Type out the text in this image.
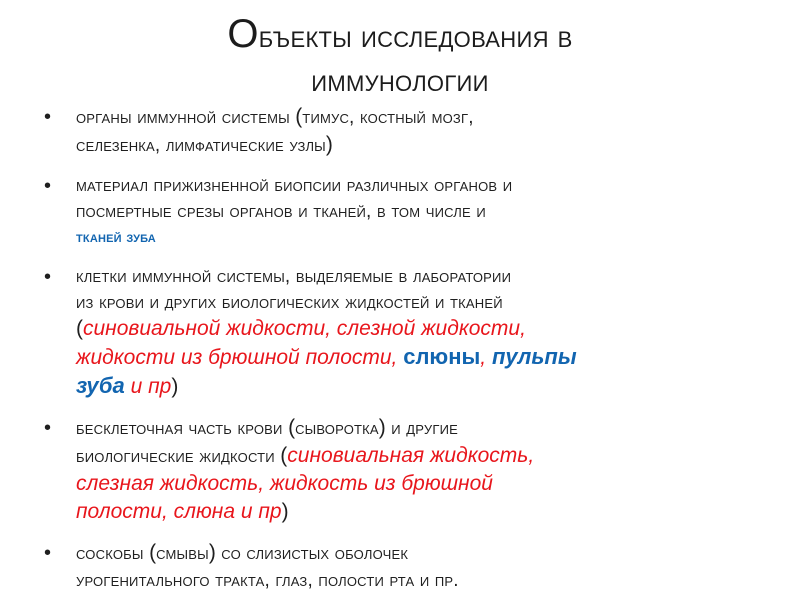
Объекты исследования в
иммунологии
• органы иммунной системы (тимус, костный мозг,
селезенка, лимфатические узлы)
• материал прижизненной биопсии различных органов и
посмертные срезы органов и тканей, в том числе и
тканей зуба
• клетки иммунной системы, выделяемые в лаборатории
из крови и других биологических жидкостей и тканей
(синовиальной жидкости, слезной жидкости,
жидкости из брюшной полости, слюны, пульпы
зуба и пр)
• бесклеточная часть крови (сыворотка) и другие
биологические жидкости (синовиальная жидкость,
слезная жидкость, жидкость из брюшной
полости, слюна и пр)
• соскобы (смывы) со слизистых оболочек
урогенитального тракта, глаз, полости рта и пр.
